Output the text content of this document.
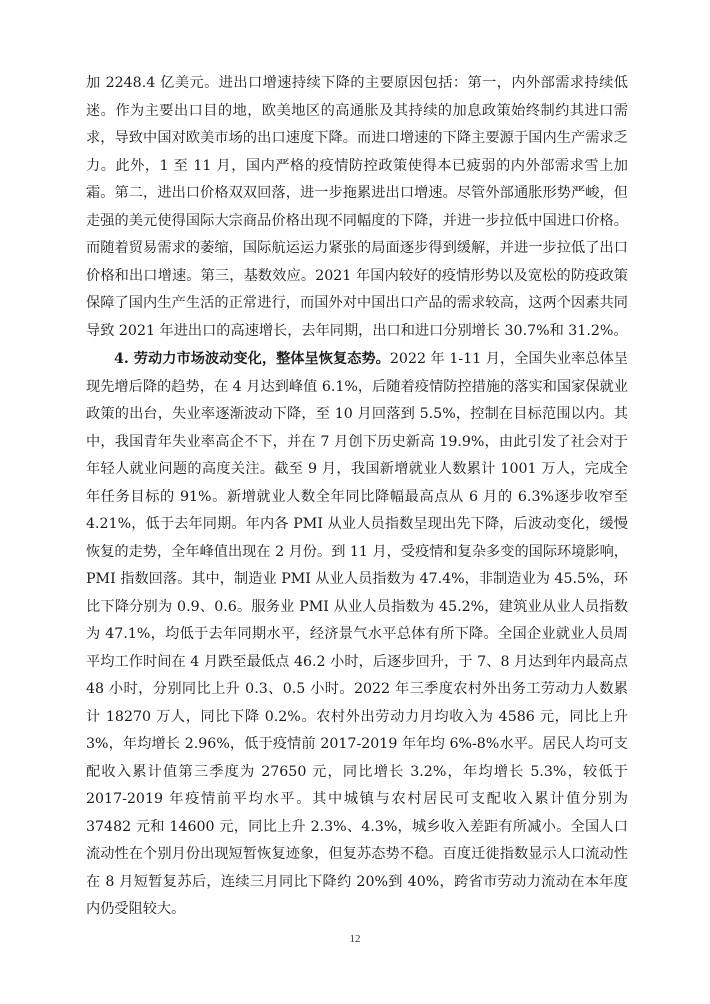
加 2248.4 亿美元。进出口增速持续下降的主要原因包括：第一，内外部需求持续低迷。作为主要出口目的地，欧美地区的高通胀及其持续的加息政策始终制约其进口需求，导致中国对欧美市场的出口速度下降。而进口增速的下降主要源于国内生产需求乏力。此外，1 至 11 月，国内严格的疫情防控政策使得本已疲弱的内外部需求雪上加霜。第二，进出口价格双双回落，进一步拖累进出口增速。尽管外部通胀形势严峻，但走强的美元使得国际大宗商品价格出现不同幅度的下降，并进一步拉低中国进口价格。而随着贸易需求的萎缩，国际航运运力紧张的局面逐步得到缓解，并进一步拉低了出口价格和出口增速。第三，基数效应。2021 年国内较好的疫情形势以及宽松的防疫政策保障了国内生产生活的正常进行，而国外对中国出口产品的需求较高，这两个因素共同导致 2021 年进出口的高速增长，去年同期，出口和进口分别增长 30.7%和 31.2%。

4. 劳动力市场波动变化，整体呈恢复态势。2022 年 1-11 月，全国失业率总体呈现先增后降的趋势，在 4 月达到峰值 6.1%，后随着疫情防控措施的落实和国家保就业政策的出台，失业率逐渐波动下降，至 10 月回落到 5.5%，控制在目标范围以内。其中，我国青年失业率高企不下，并在 7 月创下历史新高 19.9%，由此引发了社会对于年轻人就业问题的高度关注。截至 9 月，我国新增就业人数累计 1001 万人，完成全年任务目标的 91%。新增就业人数全年同比降幅最高点从 6 月的 6.3%逐步收窄至 4.21%，低于去年同期。年内各 PMI 从业人员指数呈现出先下降，后波动变化，缓慢恢复的走势，全年峰值出现在 2 月份。到 11 月，受疫情和复杂多变的国际环境影响，PMI 指数回落。其中，制造业 PMI 从业人员指数为 47.4%，非制造业为 45.5%，环比下降分别为 0.9、0.6。服务业 PMI 从业人员指数为 45.2%，建筑业从业人员指数为 47.1%，均低于去年同期水平，经济景气水平总体有所下降。全国企业就业人员周平均工作时间在 4 月跌至最低点 46.2 小时，后逐步回升，于 7、8 月达到年内最高点 48 小时，分别同比上升 0.3、0.5 小时。2022 年三季度农村外出务工劳动力人数累计 18270 万人，同比下降 0.2%。农村外出劳动力月均收入为 4586 元，同比上升 3%，年均增长 2.96%，低于疫情前 2017-2019 年年均 6%-8%水平。居民人均可支配收入累计值第三季度为 27650 元，同比增长 3.2%，年均增长 5.3%，较低于 2017-2019 年疫情前平均水平。其中城镇与农村居民可支配收入累计值分别为 37482 元和 14600 元，同比上升 2.3%、4.3%，城乡收入差距有所减小。全国人口流动性在个别月份出现短暂恢复迹象，但复苏态势不稳。百度迁徙指数显示人口流动性在 8 月短暂复苏后，连续三月同比下降约 20%到 40%，跨省市劳动力流动在本年度内仍受阻较大。

12
